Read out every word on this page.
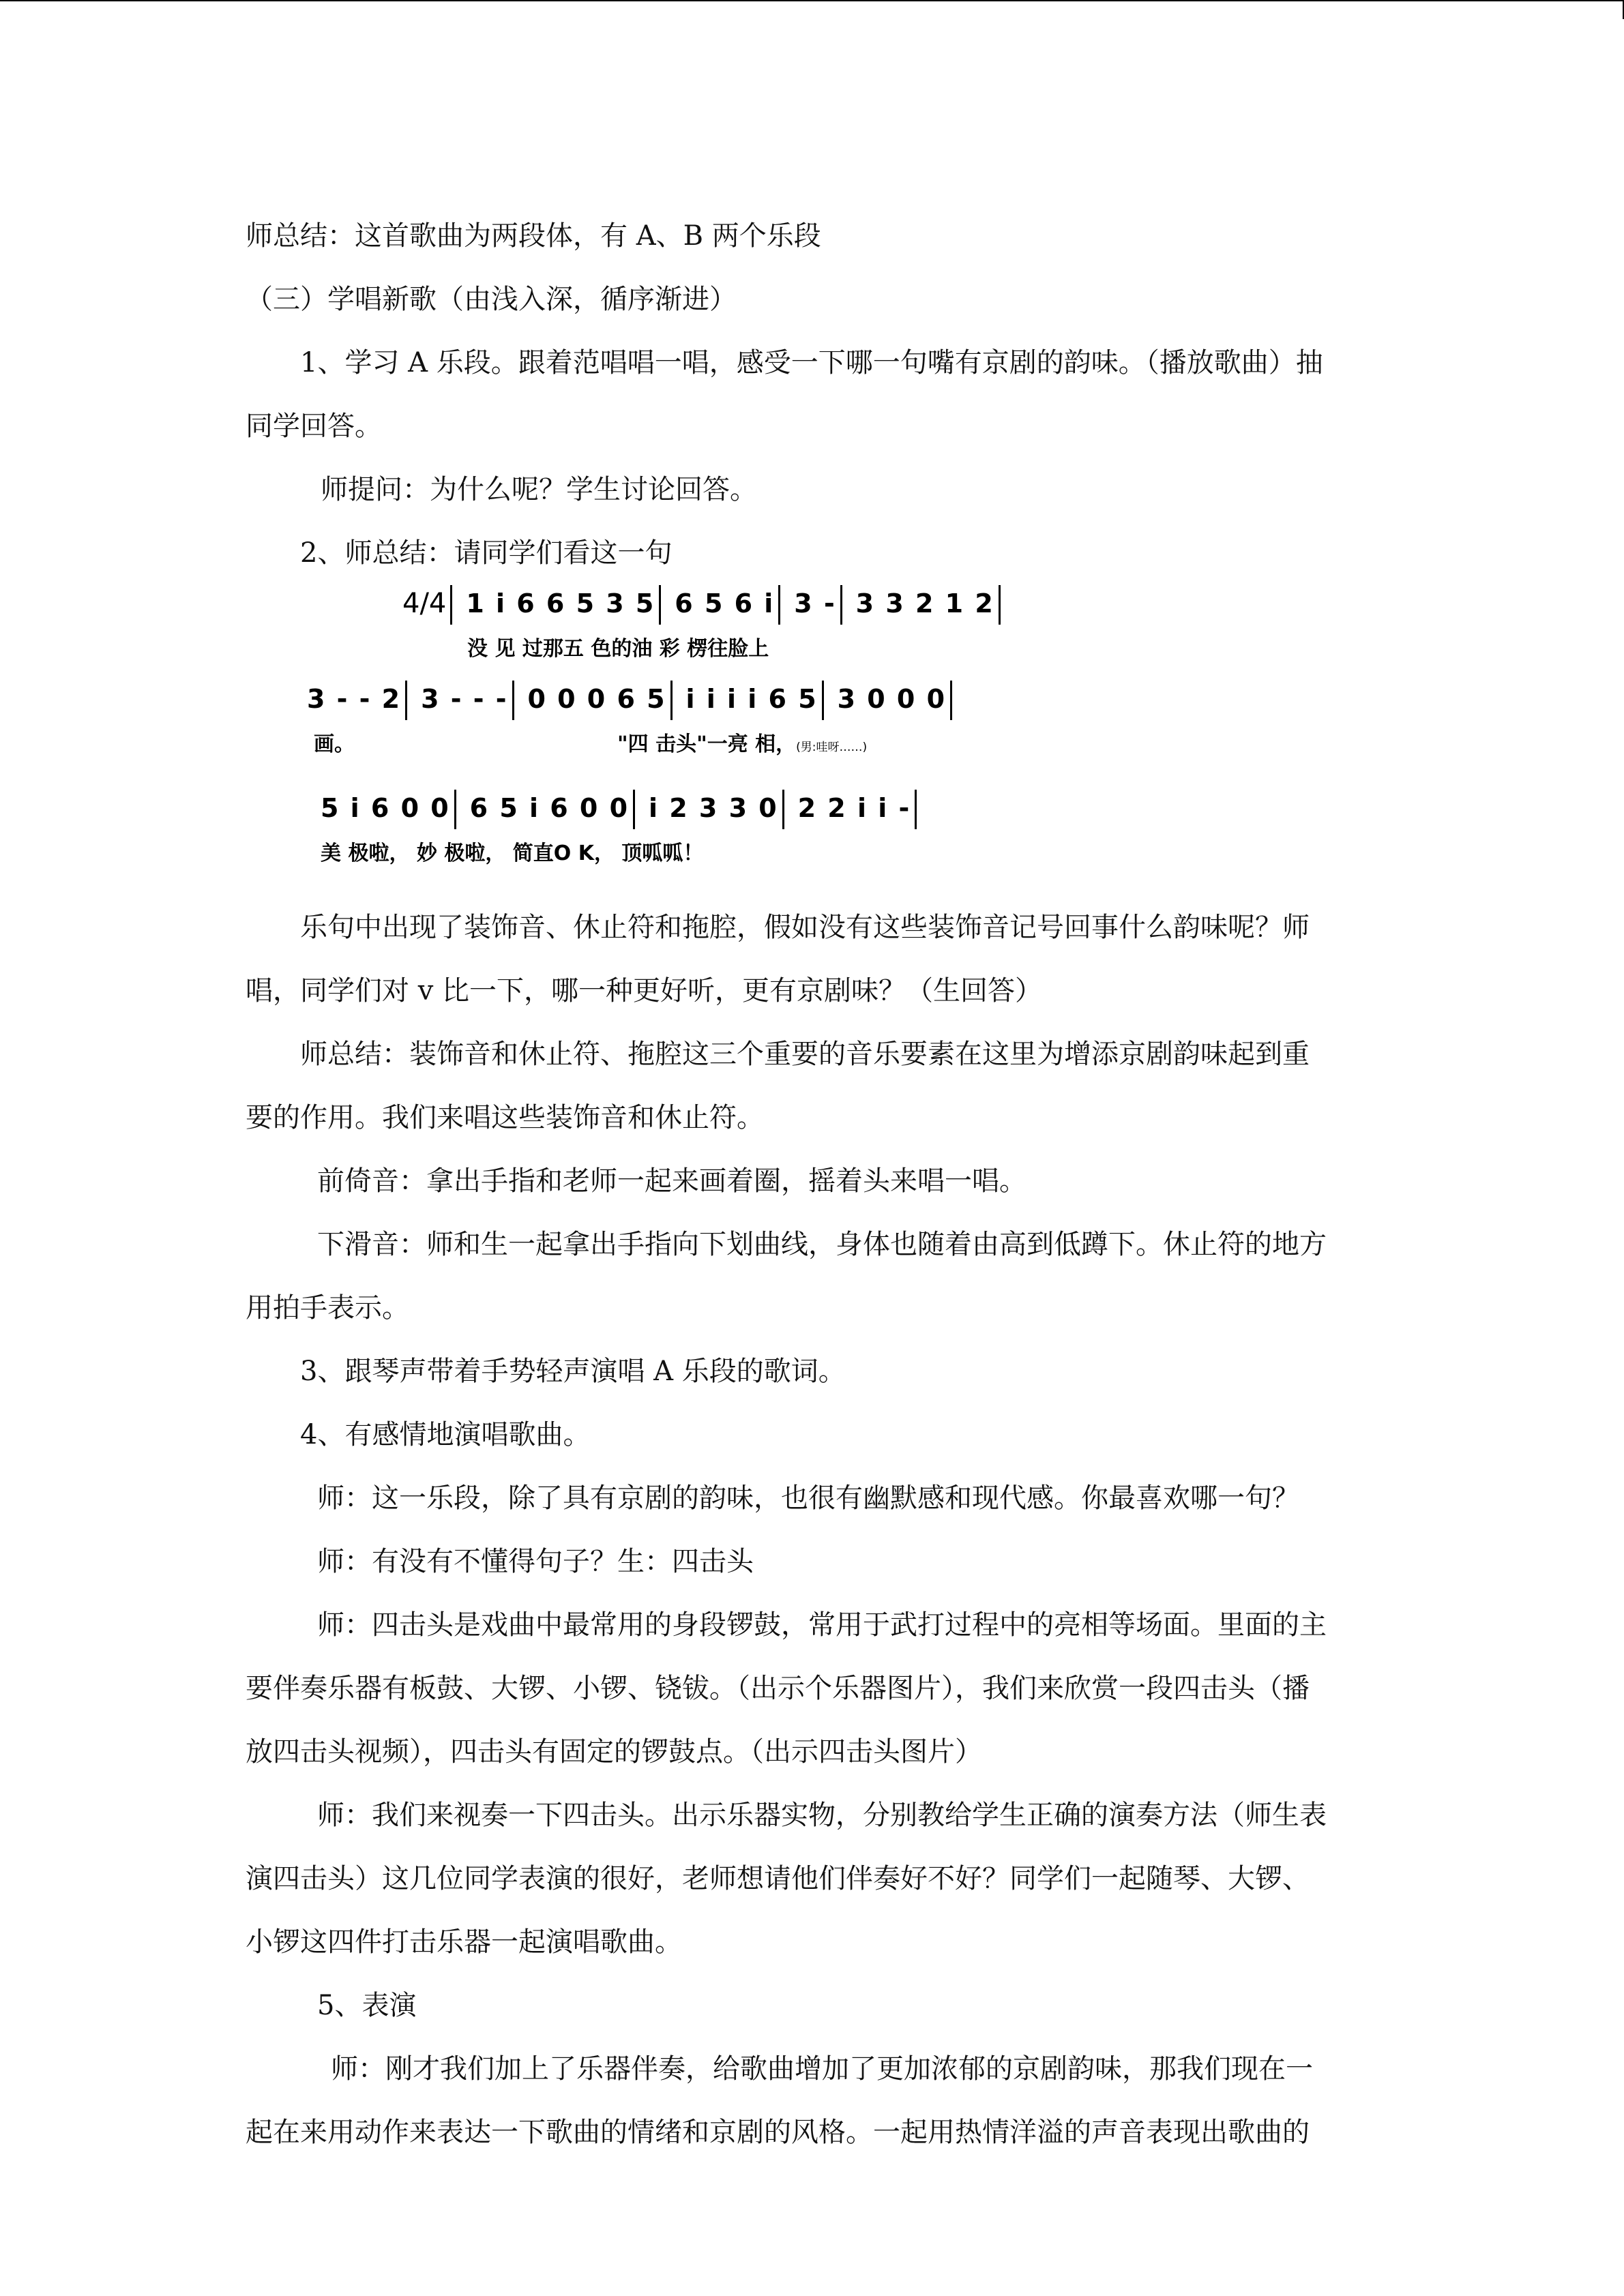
师总结：这首歌曲为两段体，有 A、B 两个乐段

（三）学唱新歌（由浅入深，循序渐进）

1、学习 A 乐段。跟着范唱唱一唱，感受一下哪一句嘴有京剧的韵味。（播放歌曲）抽

同学回答。

师提问：为什么呢？学生讨论回答。

2、师总结：请同学们看这一句

4/4 1 i 6 6 5 3 5 6 5 6 i 3 - 3 3 2 1 2
没 见 过那五 色的油 彩 楞往脸上
3 - - 2 3 - - - 0 0 0 6 5 i i i i 6 5 3 0 0 0
画。	"四 击头"一亮 相，(男:哇呀……)
5 i 6 0 0 6 5 i 6 0 0 i 2 3 3 0 2 2 i i -
美 极啦， 妙 极啦， 简直O K， 顶呱呱！

乐句中出现了装饰音、休止符和拖腔，假如没有这些装饰音记号回事什么韵味呢？师

唱，同学们对 v 比一下，哪一种更好听，更有京剧味？（生回答）

师总结：装饰音和休止符、拖腔这三个重要的音乐要素在这里为增添京剧韵味起到重

要的作用。我们来唱这些装饰音和休止符。

前倚音：拿出手指和老师一起来画着圈，摇着头来唱一唱。

下滑音：师和生一起拿出手指向下划曲线，身体也随着由高到低蹲下。休止符的地方

用拍手表示。

3、跟琴声带着手势轻声演唱 A 乐段的歌词。

4、有感情地演唱歌曲。

师：这一乐段，除了具有京剧的韵味，也很有幽默感和现代感。你最喜欢哪一句？

师：有没有不懂得句子？生：四击头

师：四击头是戏曲中最常用的身段锣鼓，常用于武打过程中的亮相等场面。里面的主

要伴奏乐器有板鼓、大锣、小锣、铙钹。（出示个乐器图片），我们来欣赏一段四击头（播

放四击头视频），四击头有固定的锣鼓点。（出示四击头图片）

师：我们来视奏一下四击头。出示乐器实物，分别教给学生正确的演奏方法（师生表

演四击头）这几位同学表演的很好，老师想请他们伴奏好不好？同学们一起随琴、大锣、

小锣这四件打击乐器一起演唱歌曲。

5、表演

师：刚才我们加上了乐器伴奏，给歌曲增加了更加浓郁的京剧韵味，那我们现在一

起在来用动作来表达一下歌曲的情绪和京剧的风格。一起用热情洋溢的声音表现出歌曲的
